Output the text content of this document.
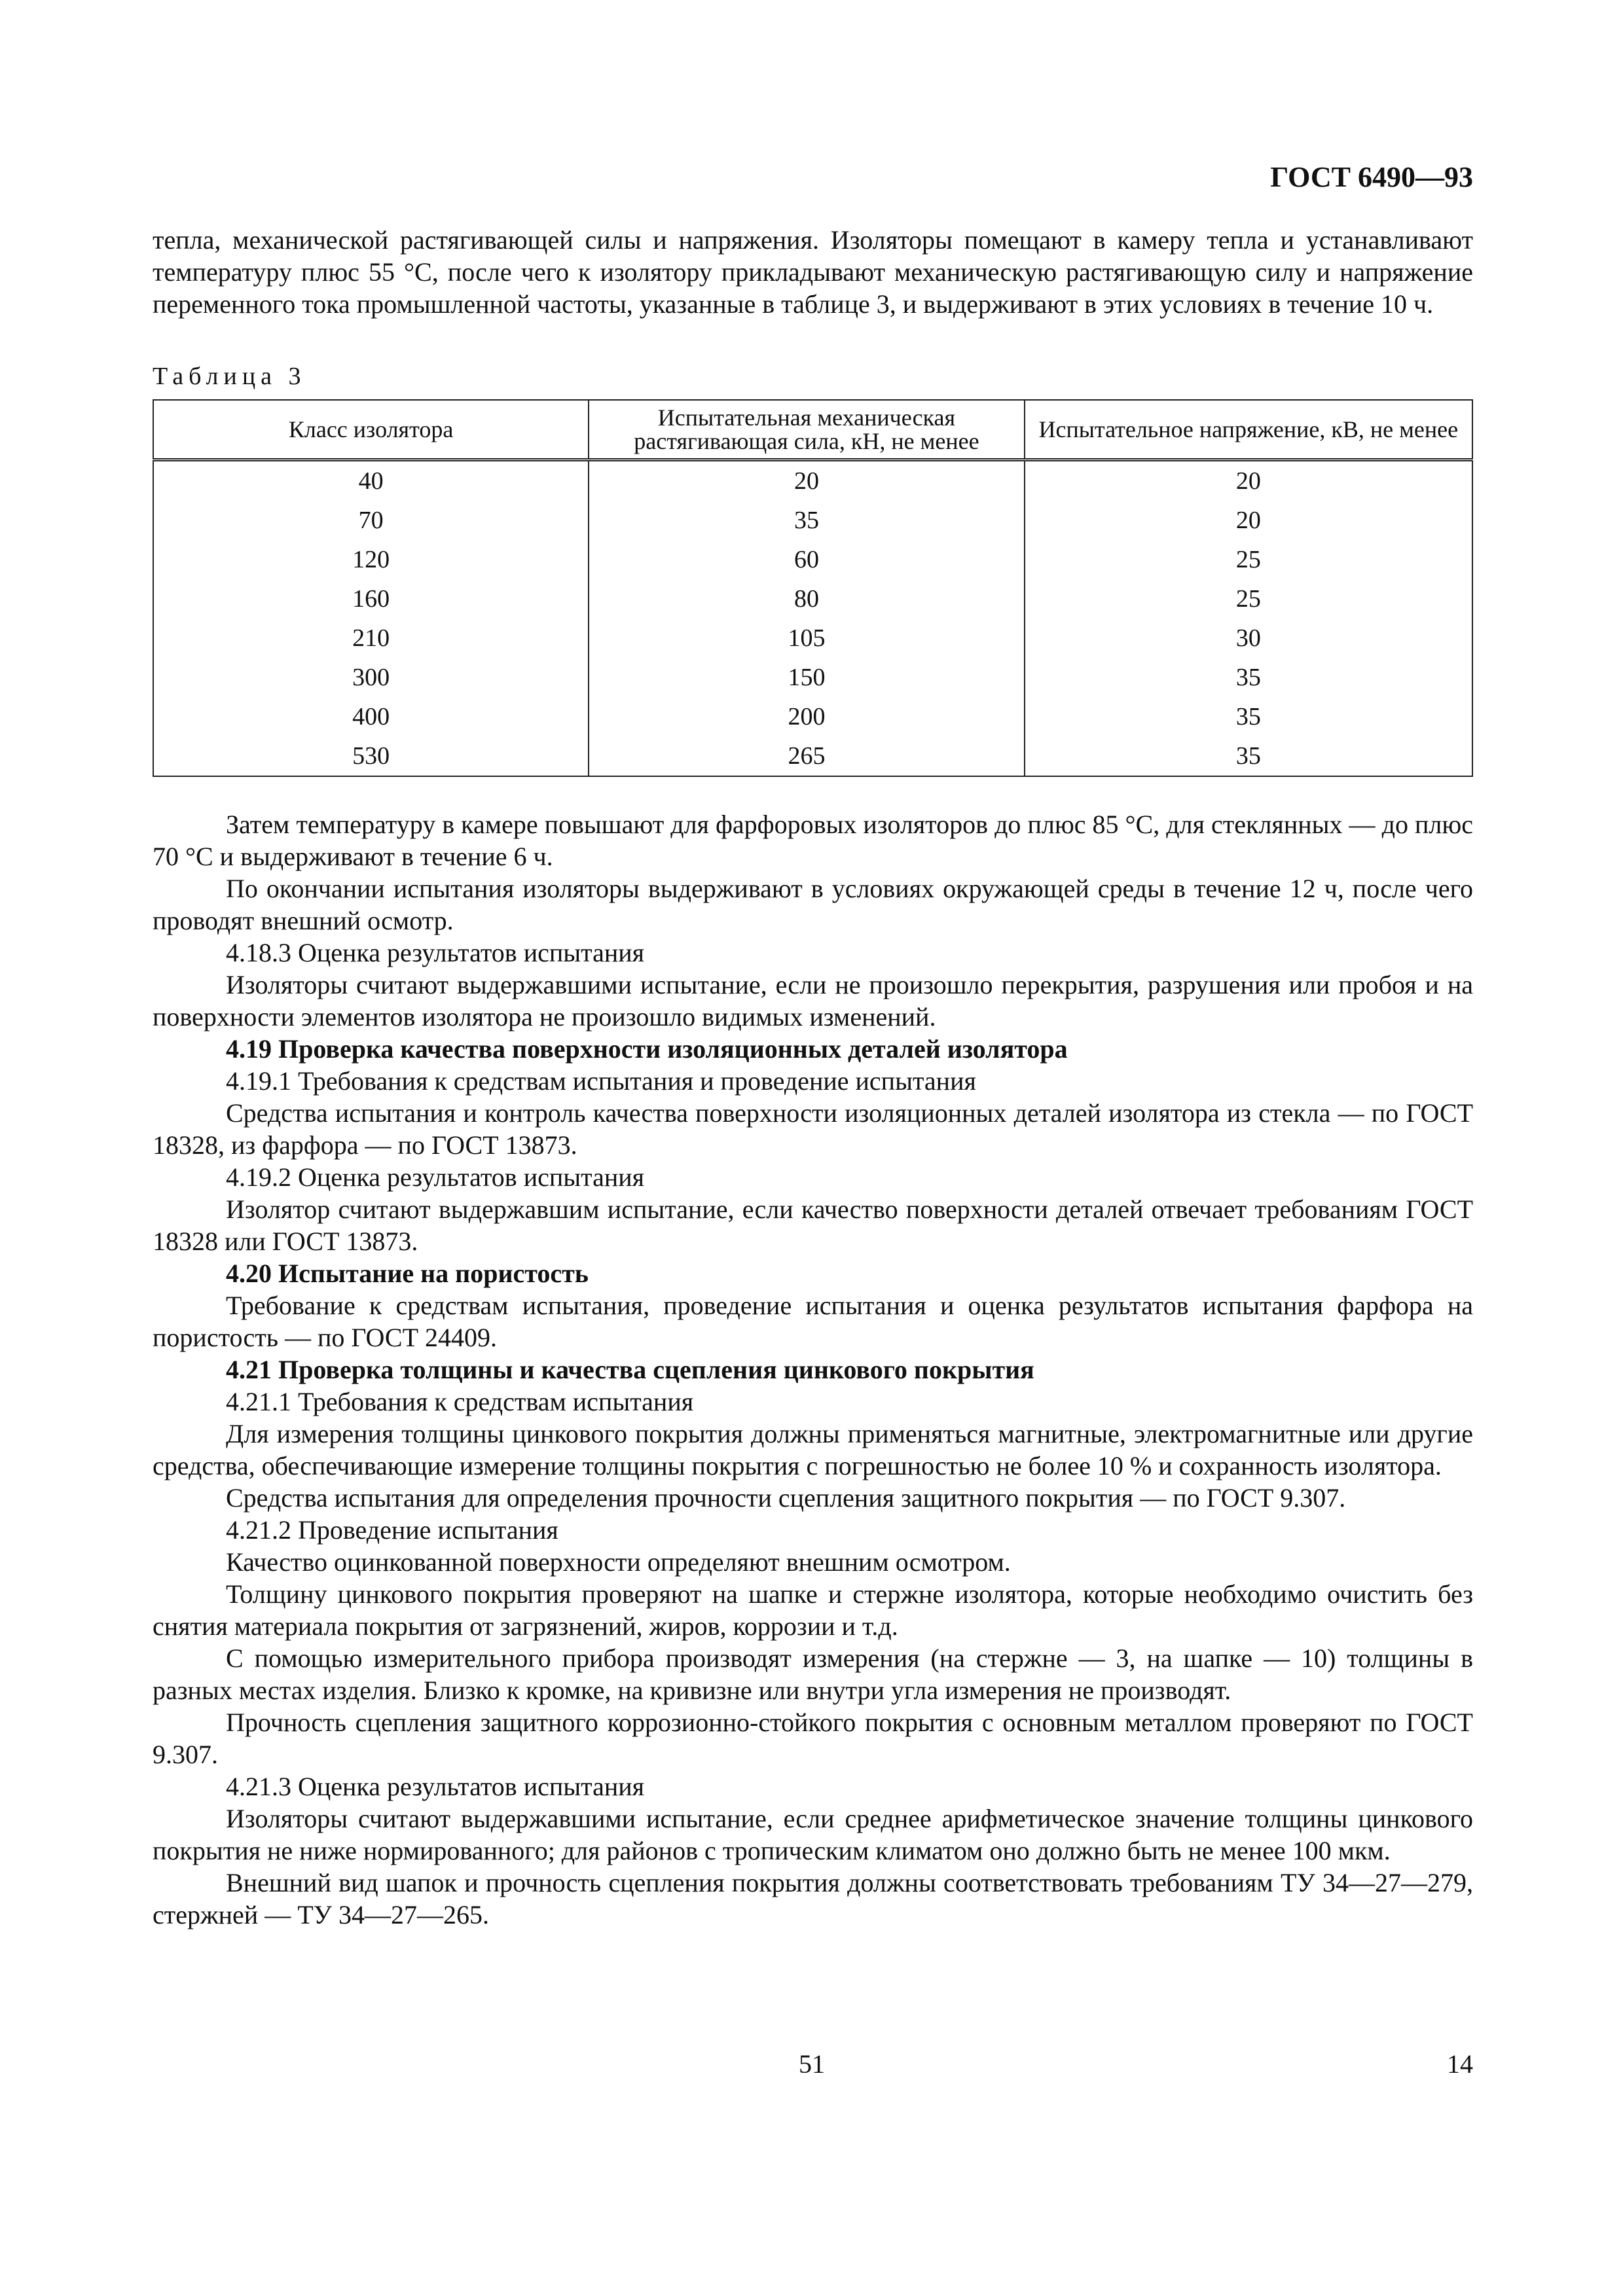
ГОСТ 6490—93

тепла, механической растягивающей силы и напряжения. Изоляторы помещают в камеру тепла и устанавливают температуру плюс 55 °С, после чего к изолятору прикладывают механическую растягивающую силу и напряжение переменного тока промышленной частоты, указанные в таблице 3, и выдерживают в этих условиях в течение 10 ч.

Таблица 3
Класс изолятора	Испытательная механическая растягивающая сила, кН, не менее	Испытательное напряжение, кВ, не менее
40	20	20
70	35	20
120	60	25
160	80	25
210	105	30
300	150	35
400	200	35
530	265	35

Затем температуру в камере повышают для фарфоровых изоляторов до плюс 85 °С, для стеклянных — до плюс 70 °С и выдерживают в течение 6 ч.

По окончании испытания изоляторы выдерживают в условиях окружающей среды в течение 12 ч, после чего проводят внешний осмотр.

4.18.3 Оценка результатов испытания

Изоляторы считают выдержавшими испытание, если не произошло перекрытия, разрушения или пробоя и на поверхности элементов изолятора не произошло видимых изменений.

4.19 Проверка качества поверхности изоляционных деталей изолятора

4.19.1 Требования к средствам испытания и проведение испытания

Средства испытания и контроль качества поверхности изоляционных деталей изолятора из стекла — по ГОСТ 18328, из фарфора — по ГОСТ 13873.

4.19.2 Оценка результатов испытания

Изолятор считают выдержавшим испытание, если качество поверхности деталей отвечает требованиям ГОСТ 18328 или ГОСТ 13873.

4.20 Испытание на пористость

Требование к средствам испытания, проведение испытания и оценка результатов испытания фарфора на пористость — по ГОСТ 24409.

4.21 Проверка толщины и качества сцепления цинкового покрытия

4.21.1 Требования к средствам испытания

Для измерения толщины цинкового покрытия должны применяться магнитные, электромагнитные или другие средства, обеспечивающие измерение толщины покрытия с погрешностью не более 10 % и сохранность изолятора.

Средства испытания для определения прочности сцепления защитного покрытия — по ГОСТ 9.307.

4.21.2 Проведение испытания

Качество оцинкованной поверхности определяют внешним осмотром.

Толщину цинкового покрытия проверяют на шапке и стержне изолятора, которые необходимо очистить без снятия материала покрытия от загрязнений, жиров, коррозии и т.д.

С помощью измерительного прибора производят измерения (на стержне — 3, на шапке — 10) толщины в разных местах изделия. Близко к кромке, на кривизне или внутри угла измерения не производят.

Прочность сцепления защитного коррозионно-стойкого покрытия с основным металлом проверяют по ГОСТ 9.307.

4.21.3 Оценка результатов испытания

Изоляторы считают выдержавшими испытание, если среднее арифметическое значение толщины цинкового покрытия не ниже нормированного; для районов с тропическим климатом оно должно быть не менее 100 мкм.

Внешний вид шапок и прочность сцепления покрытия должны соответствовать требованиям ТУ 34—27—279, стержней — ТУ 34—27—265.

51	14
